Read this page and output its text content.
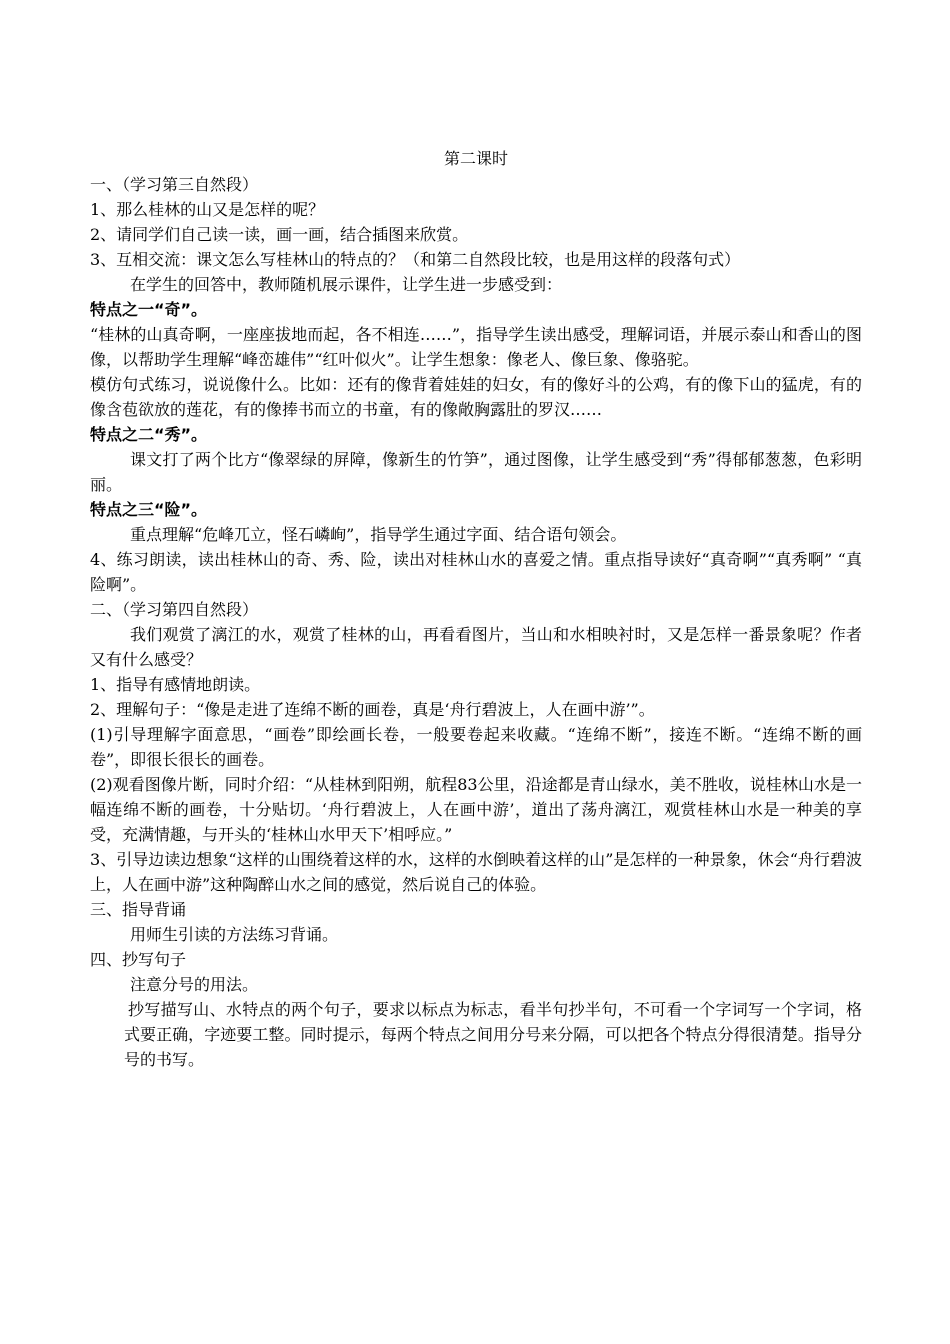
第二课时

一、（学习第三自然段）

1、那么桂林的山又是怎样的呢？

2、请同学们自己读一读，画一画，结合插图来欣赏。

3、互相交流：课文怎么写桂林山的特点的？（和第二自然段比较，也是用这样的段落句式）

在学生的回答中，教师随机展示课件，让学生进一步感受到：

特点之一“奇”。

“桂林的山真奇啊，一座座拔地而起，各不相连……”，指导学生读出感受，理解词语，并展示泰山和香山的图像，以帮助学生理解“峰峦雄伟”“红叶似火”。让学生想象：像老人、像巨象、像骆驼。

模仿句式练习，说说像什么。比如：还有的像背着娃娃的妇女，有的像好斗的公鸡，有的像下山的猛虎，有的像含苞欲放的莲花，有的像捧书而立的书童，有的像敞胸露肚的罗汉……

特点之二“秀”。

课文打了两个比方“像翠绿的屏障，像新生的竹笋”，通过图像，让学生感受到“秀”得郁郁葱葱，色彩明丽。

特点之三“险”。

重点理解“危峰兀立，怪石嶙峋”，指导学生通过字面、结合语句领会。

4、练习朗读，读出桂林山的奇、秀、险，读出对桂林山水的喜爱之情。重点指导读好“真奇啊”“真秀啊” “真险啊”。

二、（学习第四自然段）

我们观赏了漓江的水，观赏了桂林的山，再看看图片，当山和水相映衬时，又是怎样一番景象呢？作者又有什么感受？

1、指导有感情地朗读。

2、理解句子：“像是走进了连绵不断的画卷，真是‘舟行碧波上，人在画中游’”。

(1)引导理解字面意思，“画卷”即绘画长卷，一般要卷起来收藏。“连绵不断”，接连不断。“连绵不断的画卷”，即很长很长的画卷。

(2)观看图像片断，同时介绍：“从桂林到阳朔，航程83公里，沿途都是青山绿水，美不胜收，说桂林山水是一幅连绵不断的画卷，十分贴切。‘舟行碧波上，人在画中游’，道出了荡舟漓江，观赏桂林山水是一种美的享受，充满情趣，与开头的‘桂林山水甲天下’相呼应。”

3、引导边读边想象“这样的山围绕着这样的水，这样的水倒映着这样的山”是怎样的一种景象，休会“舟行碧波上，人在画中游”这种陶醉山水之间的感觉，然后说自己的体验。

三、指导背诵

用师生引读的方法练习背诵。

四、抄写句子

注意分号的用法。

抄写描写山、水特点的两个句子，要求以标点为标志，看半句抄半句，不可看一个字词写一个字词，格式要正确，字迹要工整。同时提示，每两个特点之间用分号来分隔，可以把各个特点分得很清楚。指导分号的书写。
